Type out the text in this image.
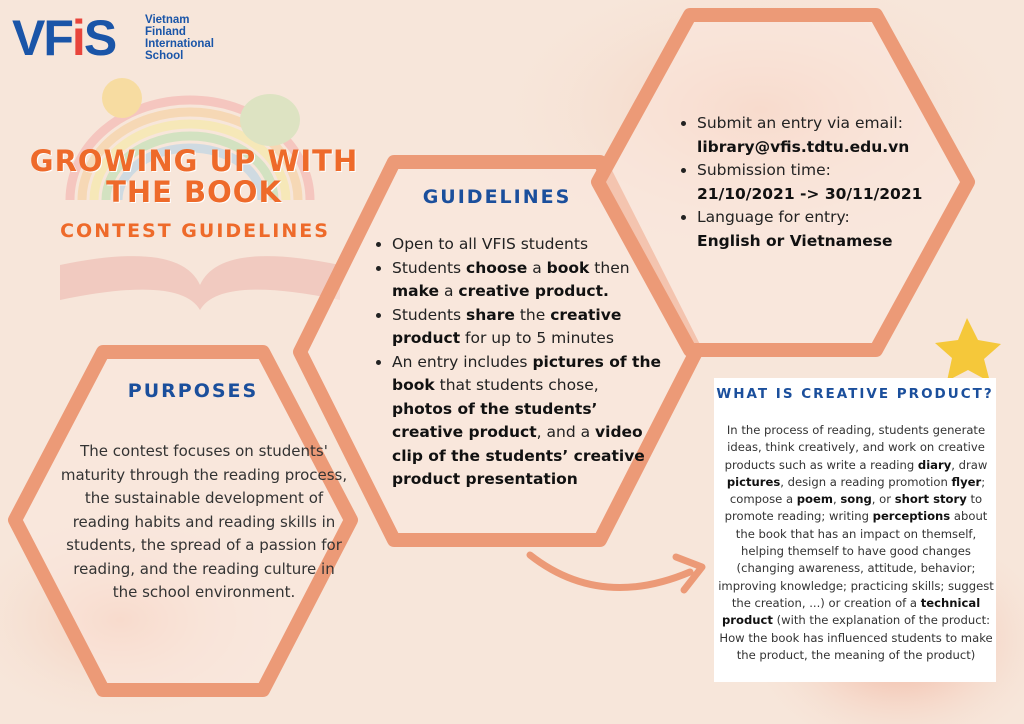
VFiS	Vietnam
Finland
International
School
GROWING UP WITH
THE BOOK
CONTEST GUIDELINES
GUIDELINES
• Open to all VFIS students
• Students choose a book then make a creative product.
• Students share the creative product for up to 5 minutes
• An entry includes pictures of the book that students chose, photos of the students’ creative product, and a video clip of the students’ creative product presentation
• Submit an entry via email:
library@vfis.tdtu.edu.vn
• Submission time:
21/10/2021 -> 30/11/2021
• Language for entry:
English or Vietnamese
PURPOSES
The contest focuses on students' maturity through the reading process, the sustainable development of reading habits and reading skills in students, the spread of a passion for reading, and the reading culture in the school environment.
WHAT IS CREATIVE PRODUCT?
In the process of reading, students generate ideas, think creatively, and work on creative products such as write a reading diary, draw pictures, design a reading promotion flyer; compose a poem, song, or short story to promote reading; writing perceptions about the book that has an impact on themself, helping themself to have good changes (changing awareness, attitude, behavior; improving knowledge; practicing skills; suggest the creation, ...) or creation of a technical product (with the explanation of the product: How the book has influenced students to make the product, the meaning of the product)
